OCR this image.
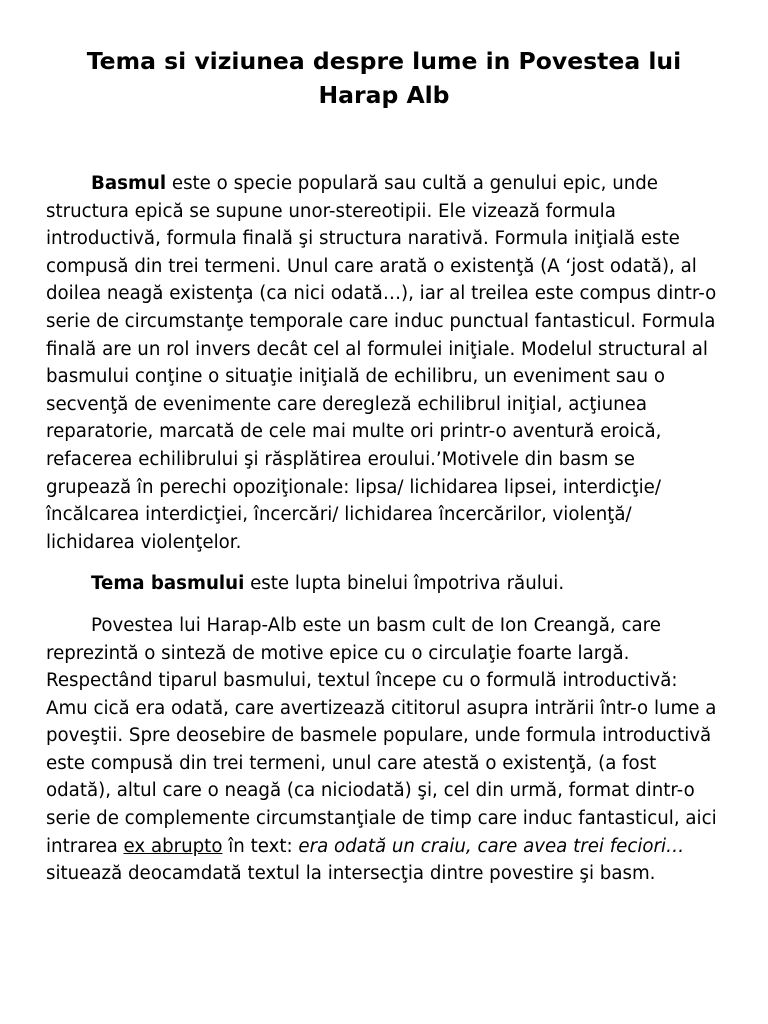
Tema si viziunea despre lume in Povestea lui Harap Alb

Basmul este o specie populară sau cultă a genului epic, unde structura epică se supune unor-stereotipii. Ele vizează formula introductivă, formula finală şi structura narativă. Formula iniţială este compusă din trei termeni. Unul care arată o existenţă (A ‘jost odată), al doilea neagă existenţa (ca nici odată…), iar al treilea este compus dintr-o serie de circumstanţe temporale care induc punctual fantasticul. Formula finală are un rol invers decât cel al formulei iniţiale. Modelul structural al basmului conţine o situaţie iniţială de echilibru, un eveniment sau o secvenţă de evenimente care deregleză echilibrul iniţial, acţiunea reparatorie, marcată de cele mai multe ori printr-o aventură eroică, refacerea echilibrului şi răsplătirea eroului.’Motivele din basm se grupează în perechi opoziţionale: lipsa/ lichidarea lipsei, interdicţie/ încălcarea interdicţiei, încercări/ lichidarea încercărilor, violenţă/ lichidarea violenţelor.

Tema basmului este lupta binelui împotriva răului.

Povestea lui Harap-Alb este un basm cult de Ion Creangă, care reprezintă o sinteză de motive epice cu o circulaţie foarte largă. Respectând tiparul basmului, textul începe cu o formulă introductivă: Amu cică era odată, care avertizează cititorul asupra intrării într-o lume a poveştii. Spre deosebire de basmele populare, unde formula introductivă este compusă din trei termeni, unul care atestă o existenţă, (a fost odată), altul care o neagă (ca niciodată) şi, cel din urmă, format dintr-o serie de complemente circumstanţiale de timp care induc fantasticul, aici intrarea ex abrupto în text: era odată un craiu, care avea trei feciori… situează deocamdată textul la intersecţia dintre povestire şi basm.
